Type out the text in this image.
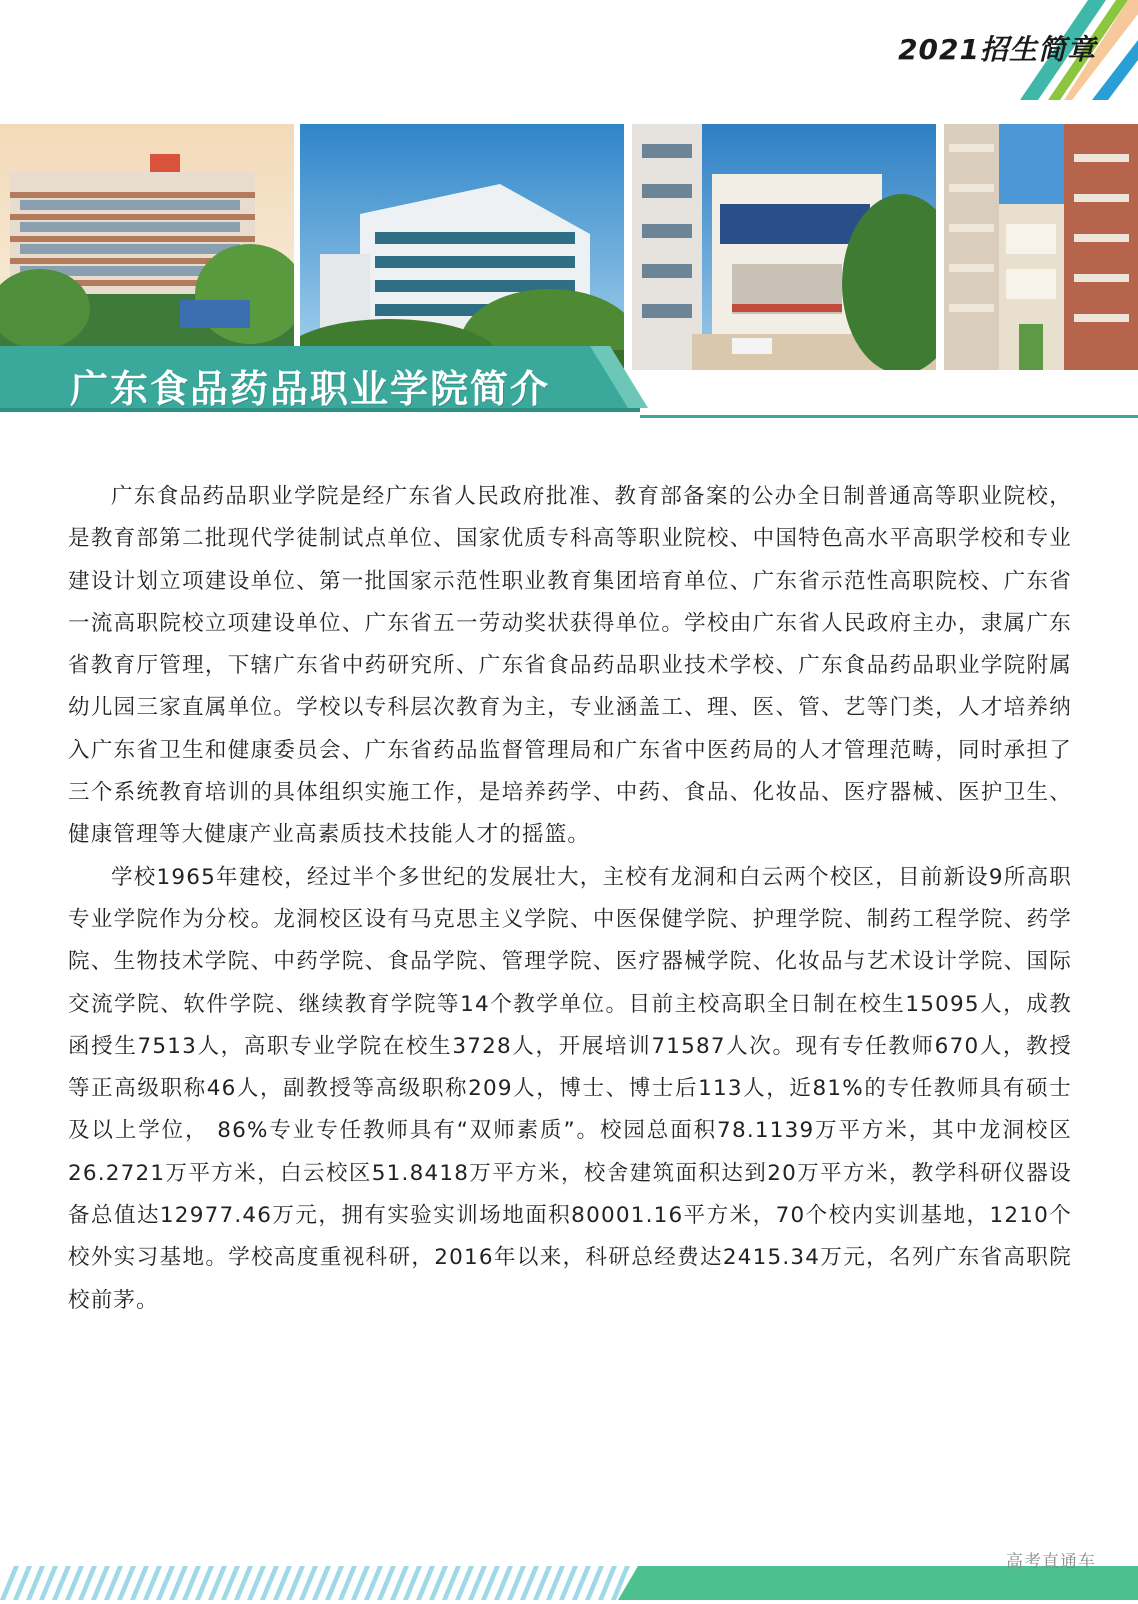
2021招生简章
广东食品药品职业学院简介

广东食品药品职业学院是经广东省人民政府批准、教育部备案的公办全日制普通高等职业院校，是教育部第二批现代学徒制试点单位、国家优质专科高等职业院校、中国特色高水平高职学校和专业建设计划立项建设单位、第一批国家示范性职业教育集团培育单位、广东省示范性高职院校、广东省一流高职院校立项建设单位、广东省五一劳动奖状获得单位。学校由广东省人民政府主办，隶属广东省教育厅管理，下辖广东省中药研究所、广东省食品药品职业技术学校、广东食品药品职业学院附属幼儿园三家直属单位。学校以专科层次教育为主，专业涵盖工、理、医、管、艺等门类，人才培养纳入广东省卫生和健康委员会、广东省药品监督管理局和广东省中医药局的人才管理范畴，同时承担了三个系统教育培训的具体组织实施工作，是培养药学、中药、食品、化妆品、医疗器械、医护卫生、健康管理等大健康产业高素质技术技能人才的摇篮。

学校1965年建校，经过半个多世纪的发展壮大，主校有龙洞和白云两个校区，目前新设9所高职专业学院作为分校。龙洞校区设有马克思主义学院、中医保健学院、护理学院、制药工程学院、药学院、生物技术学院、中药学院、食品学院、管理学院、医疗器械学院、化妆品与艺术设计学院、国际交流学院、软件学院、继续教育学院等14个教学单位。目前主校高职全日制在校生15095人，成教函授生7513人，高职专业学院在校生3728人，开展培训71587人次。现有专任教师670人，教授等正高级职称46人，副教授等高级职称209人，博士、博士后113人，近81%的专任教师具有硕士及以上学位， 86%专业专任教师具有“双师素质”。校园总面积78.1139万平方米，其中龙洞校区26.2721万平方米，白云校区51.8418万平方米，校舍建筑面积达到20万平方米，教学科研仪器设备总值达12977.46万元，拥有实验实训场地面积80001.16平方米，70个校内实训基地，1210个校外实习基地。学校高度重视科研，2016年以来，科研总经费达2415.34万元，名列广东省高职院校前茅。

高考直通车
